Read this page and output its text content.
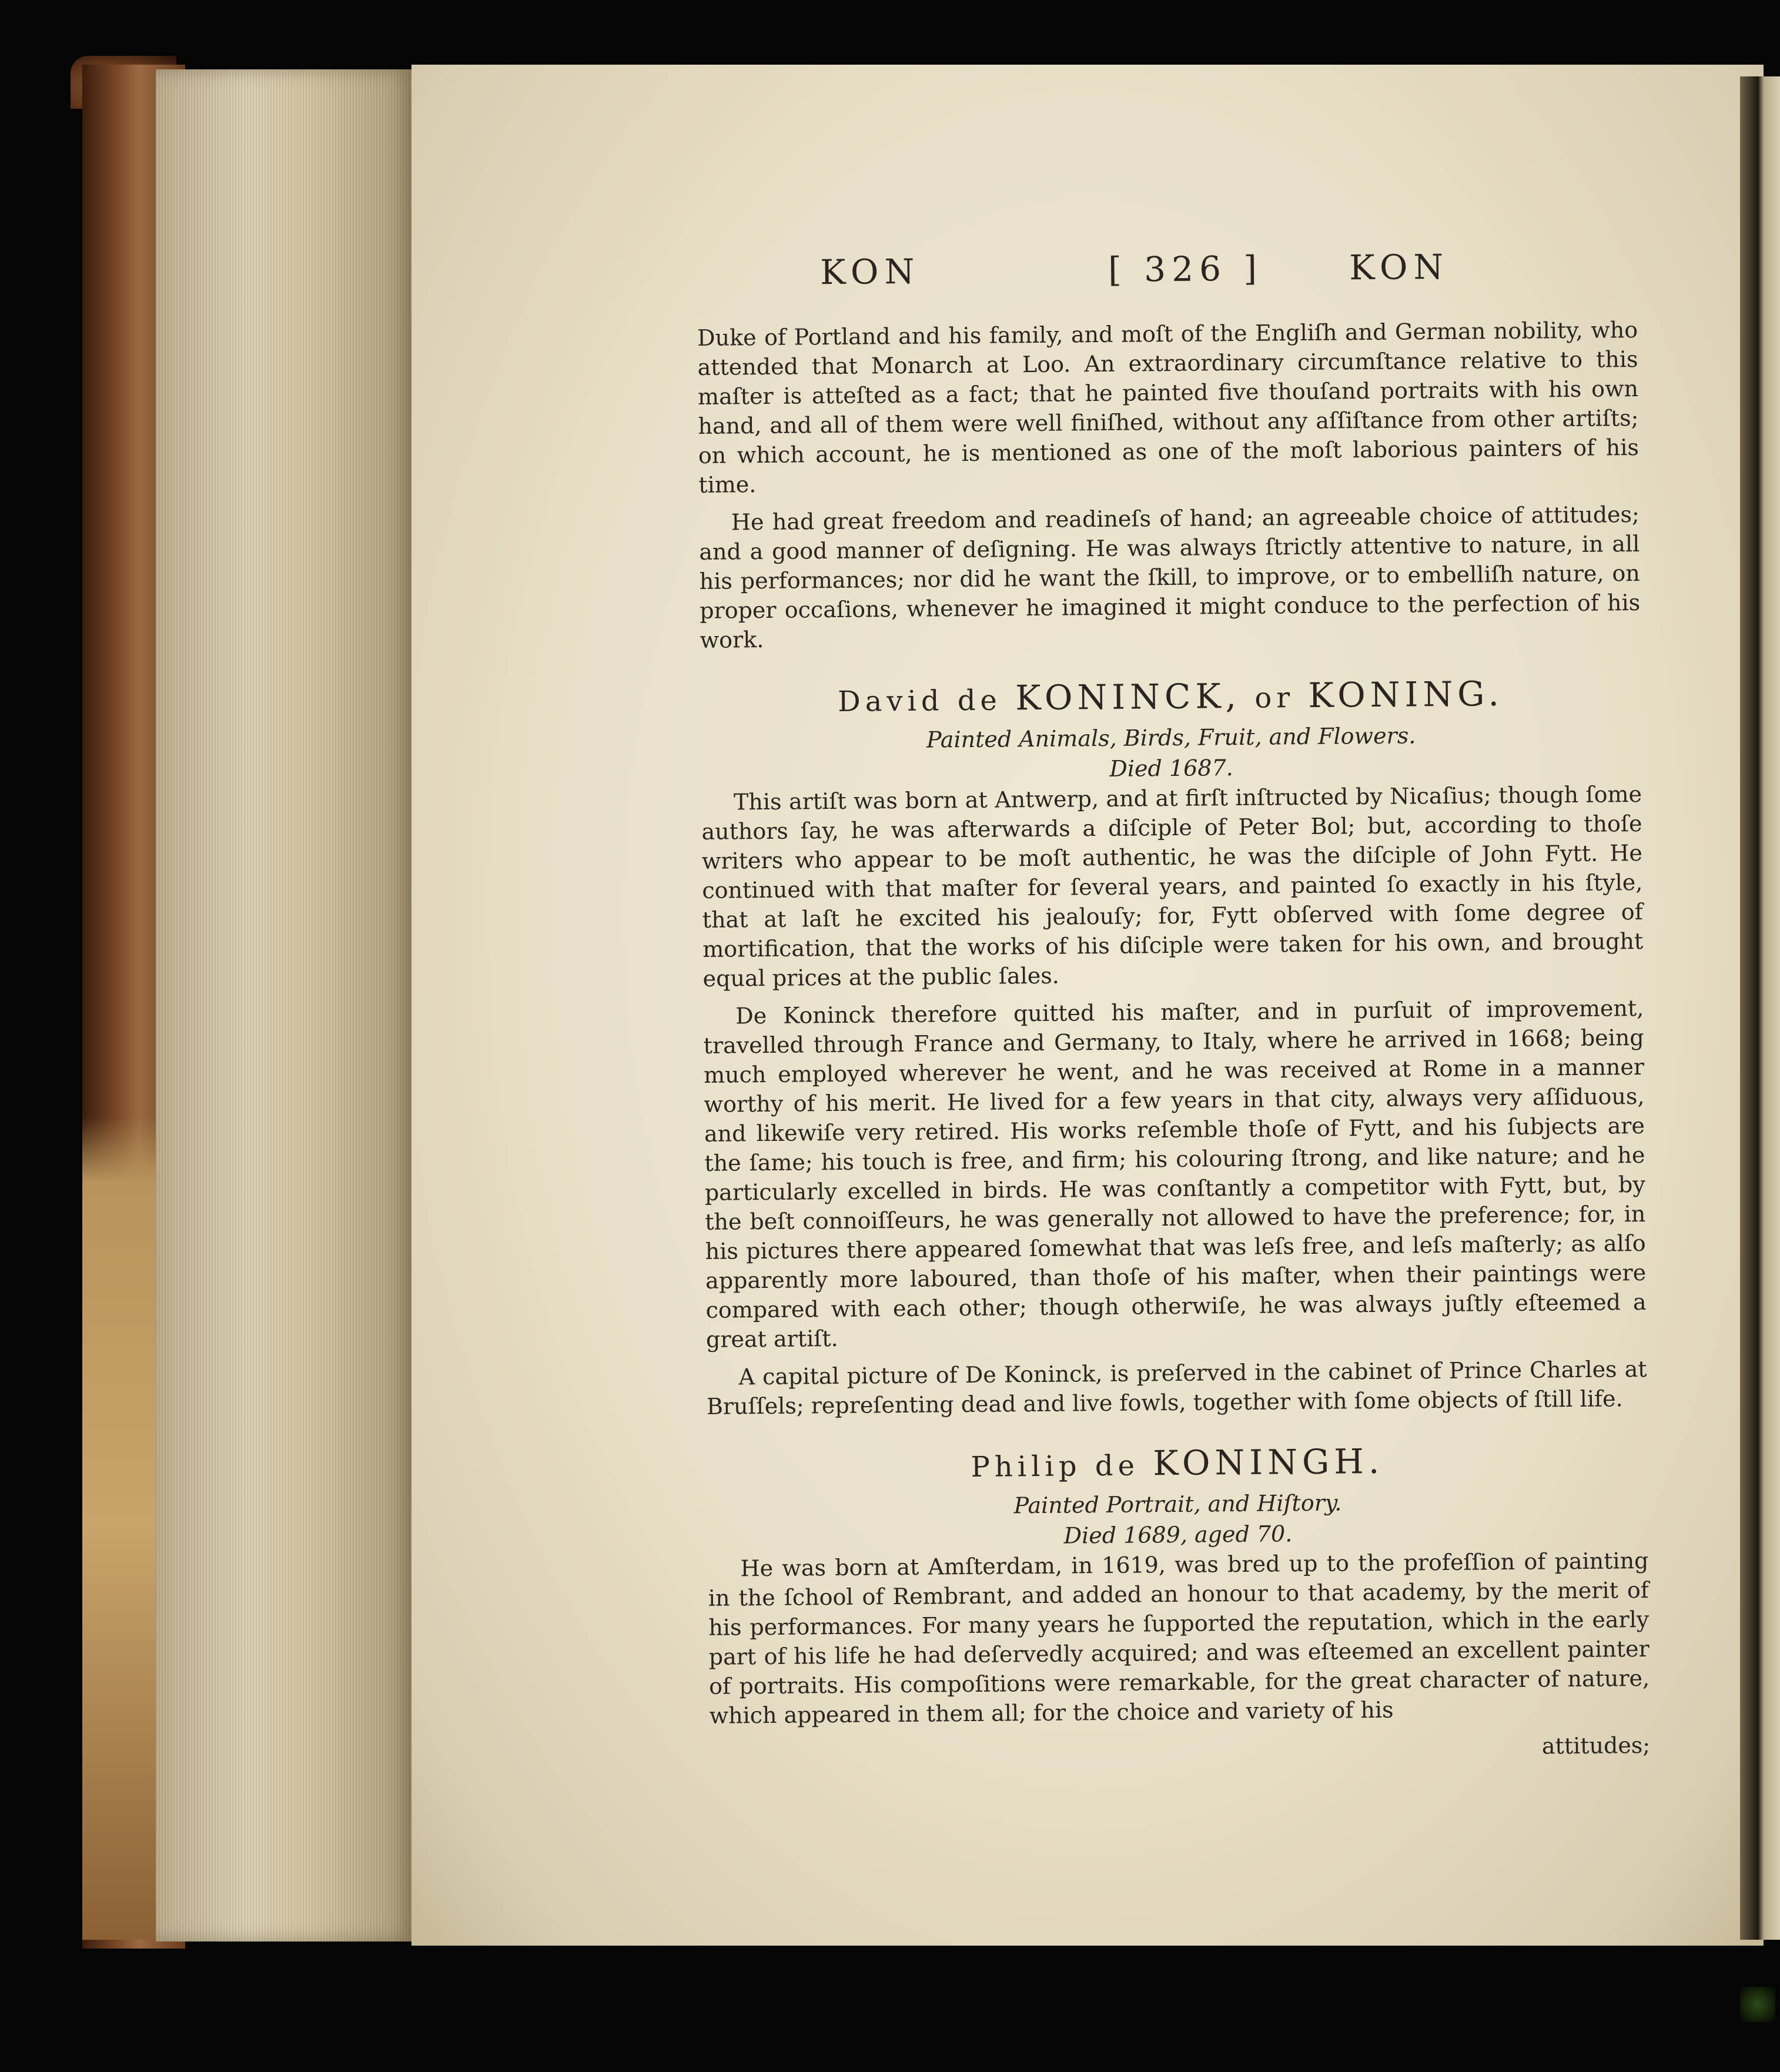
KON	[ 326 ]	KON

Duke of Portland and his family, and moſt of the Engliſh and German nobility, who attended that Monarch at Loo. An extraordinary circumſtance relative to this maſter is atteſted as a fact; that he painted five thouſand portraits with his own hand, and all of them were well finiſhed, without any aſſiſtance from other artiſts; on which account, he is mentioned as one of the moſt laborious painters of his time.

He had great freedom and readineſs of hand; an agreeable choice of attitudes; and a good manner of deſigning. He was always ſtrictly attentive to nature, in all his performances; nor did he want the ſkill, to improve, or to embelliſh nature, on proper occaſions, whenever he imagined it might conduce to the perfection of his work.

David de KONINCK, or KONING.
Painted Animals, Birds, Fruit, and Flowers.
Died 1687.

This artiſt was born at Antwerp, and at firſt inſtructed by Nicaſius; though ſome authors ſay, he was afterwards a diſciple of Peter Bol; but, according to thoſe writers who appear to be moſt authentic, he was the diſciple of John Fytt. He continued with that maſter for ſeveral years, and painted ſo exactly in his ſtyle, that at laſt he excited his jealouſy; for, Fytt obſerved with ſome degree of mortification, that the works of his diſciple were taken for his own, and brought equal prices at the public ſales.

De Koninck therefore quitted his maſter, and in purſuit of improvement, travelled through France and Germany, to Italy, where he arrived in 1668; being much employed wherever he went, and he was received at Rome in a manner worthy of his merit. He lived for a few years in that city, always very aſſiduous, and likewiſe very retired. His works reſemble thoſe of Fytt, and his ſubjects are the ſame; his touch is free, and firm; his colouring ſtrong, and like nature; and he particularly excelled in birds. He was conſtantly a competitor with Fytt, but, by the beſt connoiſſeurs, he was generally not allowed to have the preference; for, in his pictures there appeared ſomewhat that was leſs free, and leſs maſterly; as alſo apparently more laboured, than thoſe of his maſter, when their paintings were compared with each other; though otherwiſe, he was always juſtly eſteemed a great artiſt.

A capital picture of De Koninck, is preſerved in the cabinet of Prince Charles at Bruſſels; repreſenting dead and live fowls, together with ſome objects of ſtill life.

Philip de KONINGH.
Painted Portrait, and Hiſtory.
Died 1689, aged 70.

He was born at Amſterdam, in 1619, was bred up to the profeſſion of painting in the ſchool of Rembrant, and added an honour to that academy, by the merit of his performances. For many years he ſupported the reputation, which in the early part of his life he had deſervedly acquired; and was eſteemed an excellent painter of portraits. His compoſitions were remarkable, for the great character of nature, which appeared in them all; for the choice and variety of his

attitudes;
